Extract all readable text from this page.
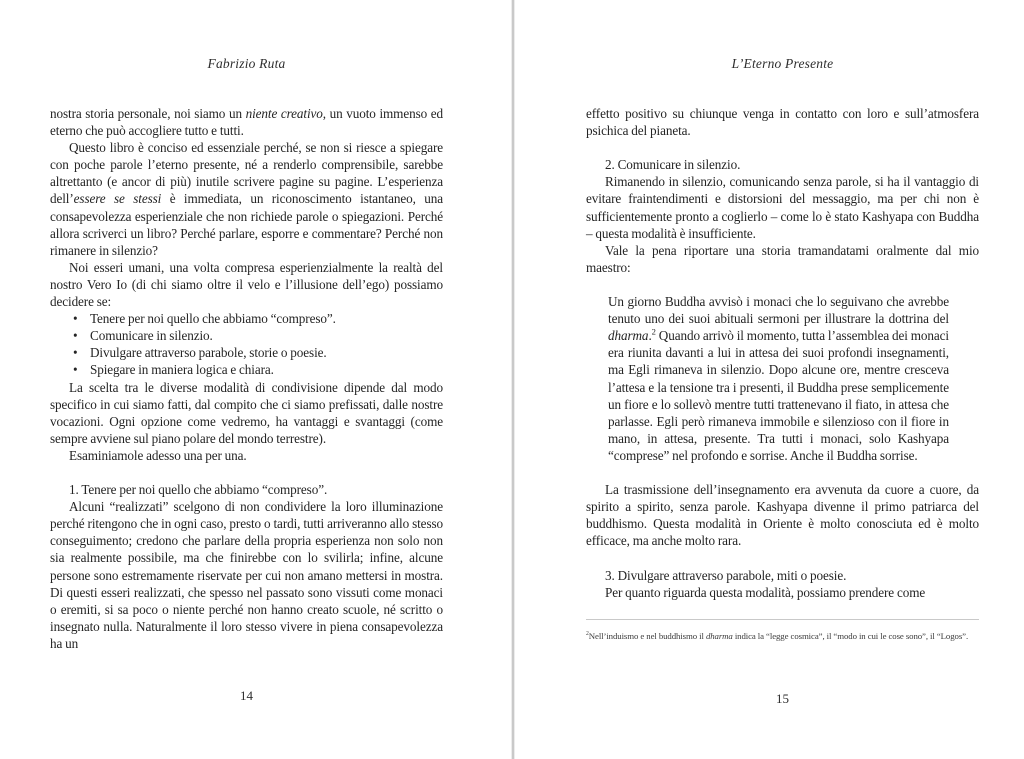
Fabrizio Ruta
nostra storia personale, noi siamo un niente creativo, un vuoto immenso ed eterno che può accogliere tutto e tutti.
Questo libro è conciso ed essenziale perché, se non si riesce a spiegare con poche parole l’eterno presente, né a renderlo comprensibile, sarebbe altrettanto (e ancor di più) inutile scrivere pagine su pagine. L’esperienza dell’essere se stessi è immediata, un riconoscimento istantaneo, una consapevolezza esperienziale che non richiede parole o spiegazioni. Perché allora scriverci un libro? Perché parlare, esporre e commentare? Perché non rimanere in silenzio?
Noi esseri umani, una volta compresa esperienzialmente la realtà del nostro Vero Io (di chi siamo oltre il velo e l’illusione dell’ego) possiamo decidere se:
• Tenere per noi quello che abbiamo “compreso”.
• Comunicare in silenzio.
• Divulgare attraverso parabole, storie o poesie.
• Spiegare in maniera logica e chiara.
La scelta tra le diverse modalità di condivisione dipende dal modo specifico in cui siamo fatti, dal compito che ci siamo prefissati, dalle nostre vocazioni. Ogni opzione come vedremo, ha vantaggi e svantaggi (come sempre avviene sul piano polare del mondo terrestre).
Esaminiamole adesso una per una.
1. Tenere per noi quello che abbiamo “compreso”.
Alcuni “realizzati” scelgono di non condividere la loro illuminazione perché ritengono che in ogni caso, presto o tardi, tutti arriveranno allo stesso conseguimento; credono che parlare della propria esperienza non solo non sia realmente possibile, ma che finirebbe con lo svilirla; infine, alcune persone sono estremamente riservate per cui non amano mettersi in mostra. Di questi esseri realizzati, che spesso nel passato sono vissuti come monaci o eremiti, si sa poco o niente perché non hanno creato scuole, né scritto o insegnato nulla. Naturalmente il loro stesso vivere in piena consapevolezza ha un
14
L’Eterno Presente
effetto positivo su chiunque venga in contatto con loro e sull’atmosfera psichica del pianeta.
2. Comunicare in silenzio.
Rimanendo in silenzio, comunicando senza parole, si ha il vantaggio di evitare fraintendimenti e distorsioni del messaggio, ma per chi non è sufficientemente pronto a coglierlo – come lo è stato Kashyapa con Buddha – questa modalità è insufficiente.
Vale la pena riportare una storia tramandatami oralmente dal mio maestro:
Un giorno Buddha avvisò i monaci che lo seguivano che avrebbe tenuto uno dei suoi abituali sermoni per illustrare la dottrina del dharma.$^2$ Quando arrivò il momento, tutta l’assemblea dei monaci era riunita davanti a lui in attesa dei suoi profondi insegnamenti, ma Egli rimaneva in silenzio. Dopo alcune ore, mentre cresceva l’attesa e la tensione tra i presenti, il Buddha prese semplicemente un fiore e lo sollevò mentre tutti trattenevano il fiato, in attesa che parlasse. Egli però rimaneva immobile e silenzioso con il fiore in mano, in attesa, presente. Tra tutti i monaci, solo Kashyapa “comprese” nel profondo e sorrise. Anche il Buddha sorrise.
La trasmissione dell’insegnamento era avvenuta da cuore a cuore, da spirito a spirito, senza parole. Kashyapa divenne il primo patriarca del buddhismo. Questa modalità in Oriente è molto conosciuta ed è molto efficace, ma anche molto rara.
3. Divulgare attraverso parabole, miti o poesie.
Per quanto riguarda questa modalità, possiamo prendere come
$^2$Nell’induismo e nel buddhismo il dharma indica la “legge cosmica”, il “modo in cui le cose sono”, il “Logos”.
15
